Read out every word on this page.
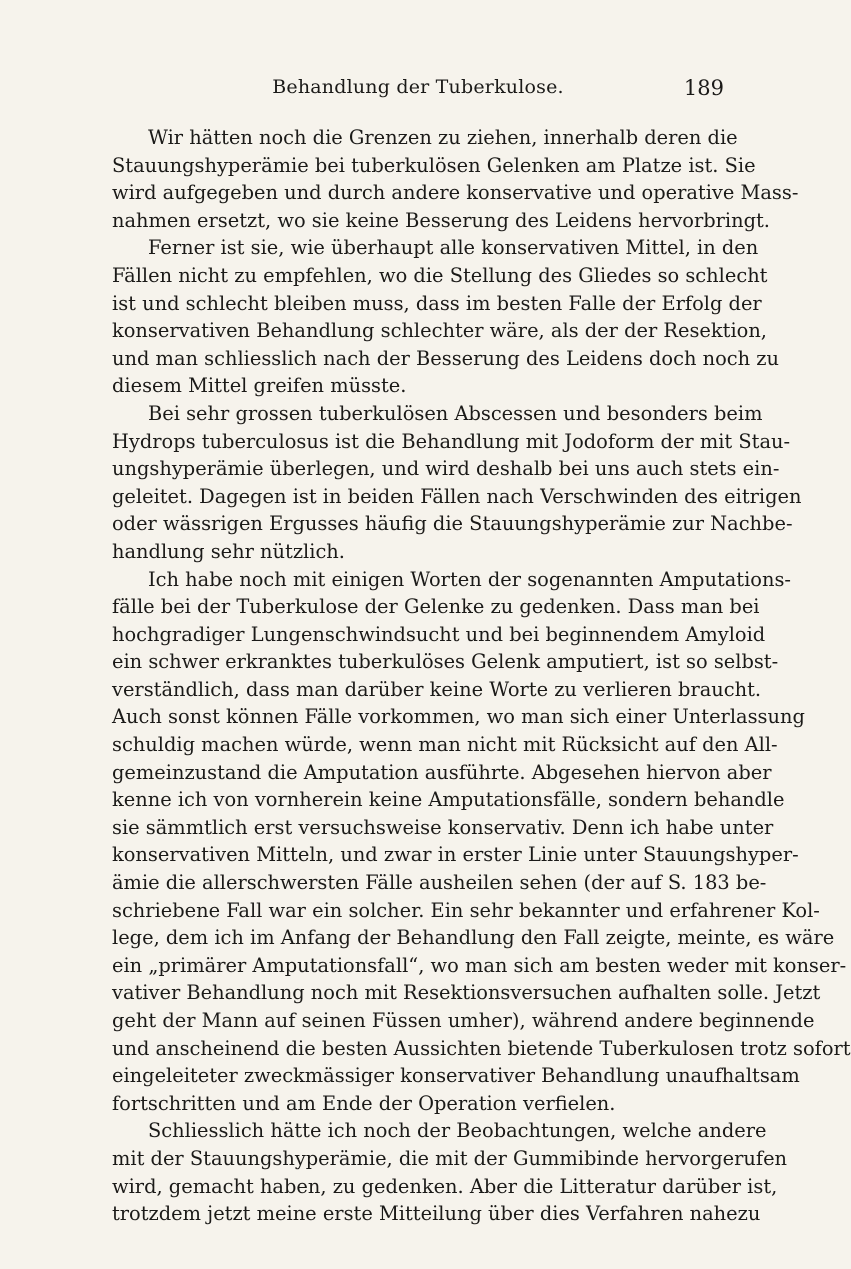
Behandlung der Tuberkulose.	189
Wir hätten noch die Grenzen zu ziehen, innerhalb deren die
Stauungshyperämie bei tuberkulösen Gelenken am Platze ist. Sie
wird aufgegeben und durch andere konservative und operative Mass-
nahmen ersetzt, wo sie keine Besserung des Leidens hervorbringt.
Ferner ist sie, wie überhaupt alle konservativen Mittel, in den
Fällen nicht zu empfehlen, wo die Stellung des Gliedes so schlecht
ist und schlecht bleiben muss, dass im besten Falle der Erfolg der
konservativen Behandlung schlechter wäre, als der der Resektion,
und man schliesslich nach der Besserung des Leidens doch noch zu
diesem Mittel greifen müsste.
Bei sehr grossen tuberkulösen Abscessen und besonders beim
Hydrops tuberculosus ist die Behandlung mit Jodoform der mit Stau-
ungshyperämie überlegen, und wird deshalb bei uns auch stets ein-
geleitet. Dagegen ist in beiden Fällen nach Verschwinden des eitrigen
oder wässrigen Ergusses häufig die Stauungshyperämie zur Nachbe-
handlung sehr nützlich.
Ich habe noch mit einigen Worten der sogenannten Amputations-
fälle bei der Tuberkulose der Gelenke zu gedenken. Dass man bei
hochgradiger Lungenschwindsucht und bei beginnendem Amyloid
ein schwer erkranktes tuberkulöses Gelenk amputiert, ist so selbst-
verständlich, dass man darüber keine Worte zu verlieren braucht.
Auch sonst können Fälle vorkommen, wo man sich einer Unterlassung
schuldig machen würde, wenn man nicht mit Rücksicht auf den All-
gemeinzustand die Amputation ausführte. Abgesehen hiervon aber
kenne ich von vornherein keine Amputationsfälle, sondern behandle
sie sämmtlich erst versuchsweise konservativ. Denn ich habe unter
konservativen Mitteln, und zwar in erster Linie unter Stauungshyper-
ämie die allerschwersten Fälle ausheilen sehen (der auf S. 183 be-
schriebene Fall war ein solcher. Ein sehr bekannter und erfahrener Kol-
lege, dem ich im Anfang der Behandlung den Fall zeigte, meinte, es wäre
ein „primärer Amputationsfall“, wo man sich am besten weder mit konser-
vativer Behandlung noch mit Resektionsversuchen aufhalten solle. Jetzt
geht der Mann auf seinen Füssen umher), während andere beginnende
und anscheinend die besten Aussichten bietende Tuberkulosen trotz sofort
eingeleiteter zweckmässiger konservativer Behandlung unaufhaltsam
fortschritten und am Ende der Operation verfielen.
Schliesslich hätte ich noch der Beobachtungen, welche andere
mit der Stauungshyperämie, die mit der Gummibinde hervorgerufen
wird, gemacht haben, zu gedenken. Aber die Litteratur darüber ist,
trotzdem jetzt meine erste Mitteilung über dies Verfahren nahezu
